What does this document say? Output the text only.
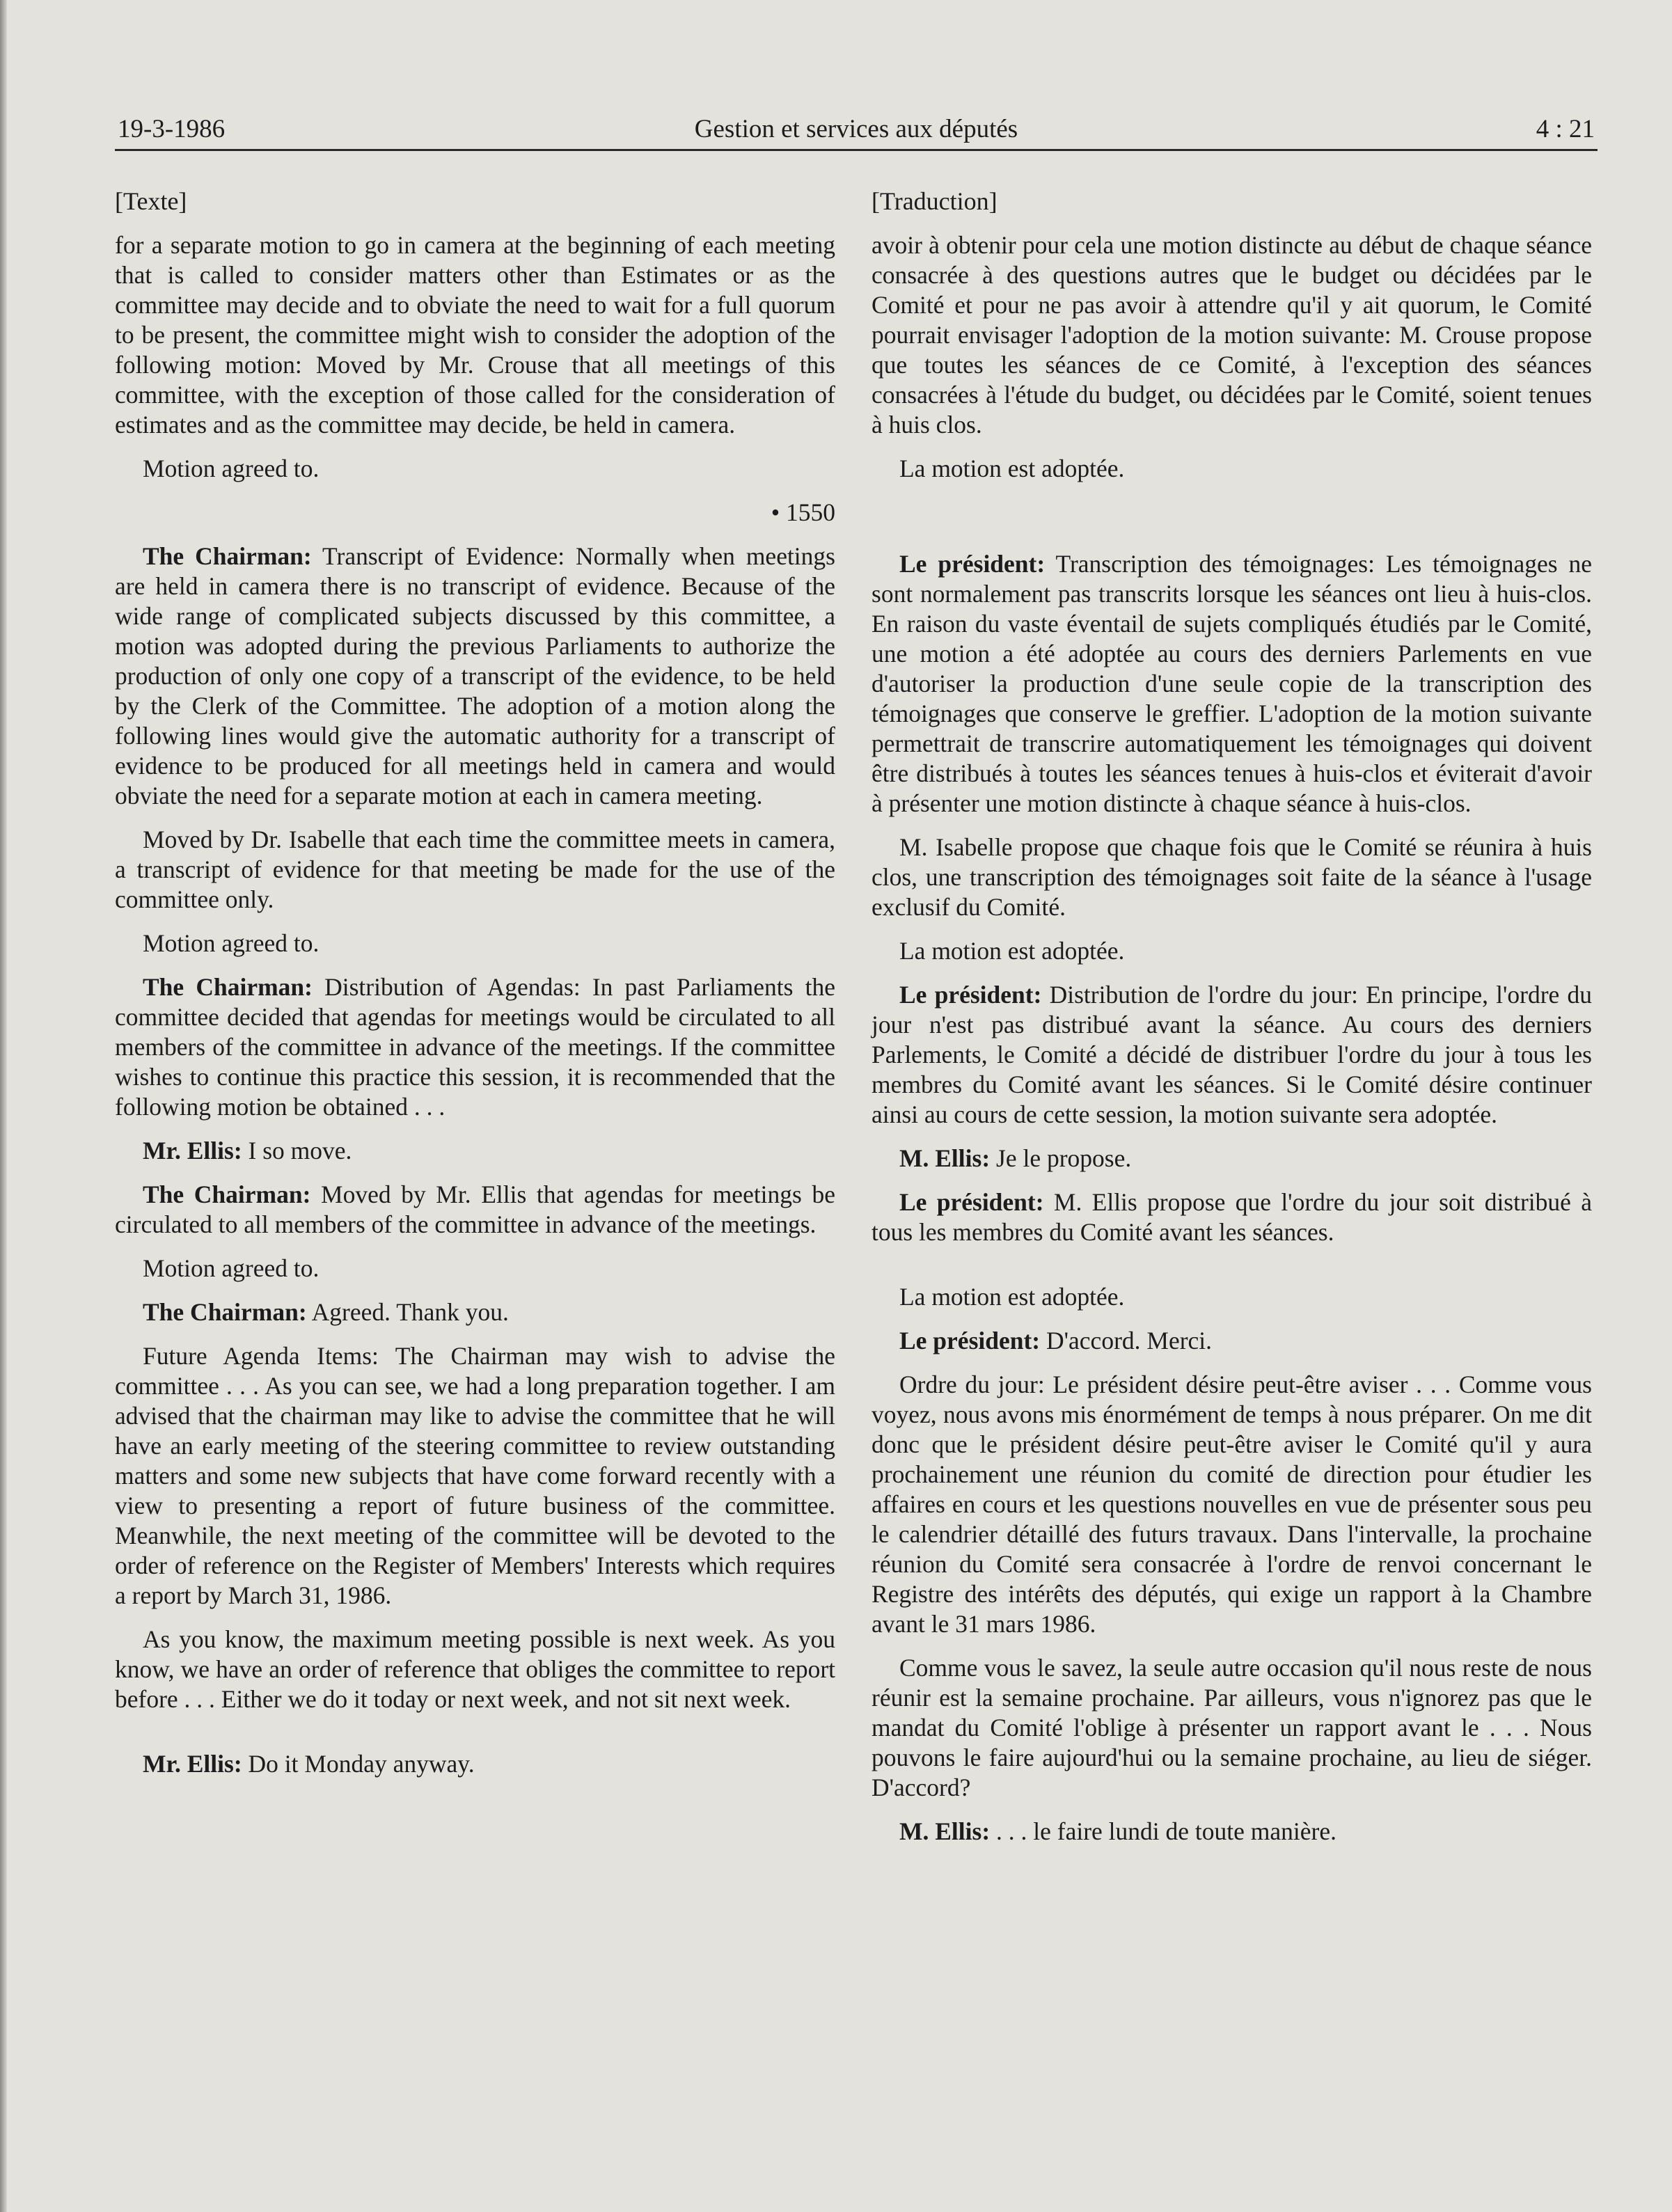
19-3-1986	Gestion et services aux députés	4 : 21

[Texte]

for a separate motion to go in camera at the beginning of each meeting that is called to consider matters other than Estimates or as the committee may decide and to obviate the need to wait for a full quorum to be present, the committee might wish to consider the adoption of the following motion: Moved by Mr. Crouse that all meetings of this committee, with the exception of those called for the consideration of estimates and as the committee may decide, be held in camera.

Motion agreed to.

• 1550

The Chairman: Transcript of Evidence: Normally when meetings are held in camera there is no transcript of evidence. Because of the wide range of complicated subjects discussed by this committee, a motion was adopted during the previous Parliaments to authorize the production of only one copy of a transcript of the evidence, to be held by the Clerk of the Committee. The adoption of a motion along the following lines would give the automatic authority for a transcript of evidence to be produced for all meetings held in camera and would obviate the need for a separate motion at each in camera meeting.

Moved by Dr. Isabelle that each time the committee meets in camera, a transcript of evidence for that meeting be made for the use of the committee only.

Motion agreed to.

The Chairman: Distribution of Agendas: In past Parliaments the committee decided that agendas for meetings would be circulated to all members of the committee in advance of the meetings. If the committee wishes to continue this practice this session, it is recommended that the following motion be obtained . . .

Mr. Ellis: I so move.

The Chairman: Moved by Mr. Ellis that agendas for meetings be circulated to all members of the committee in advance of the meetings.

Motion agreed to.

The Chairman: Agreed. Thank you.

Future Agenda Items: The Chairman may wish to advise the committee . . . As you can see, we had a long preparation together. I am advised that the chairman may like to advise the committee that he will have an early meeting of the steering committee to review outstanding matters and some new subjects that have come forward recently with a view to presenting a report of future business of the committee. Meanwhile, the next meeting of the committee will be devoted to the order of reference on the Register of Members' Interests which requires a report by March 31, 1986.

As you know, the maximum meeting possible is next week. As you know, we have an order of reference that obliges the committee to report before . . . Either we do it today or next week, and not sit next week.

Mr. Ellis: Do it Monday anyway.

[Traduction]

avoir à obtenir pour cela une motion distincte au début de chaque séance consacrée à des questions autres que le budget ou décidées par le Comité et pour ne pas avoir à attendre qu'il y ait quorum, le Comité pourrait envisager l'adoption de la motion suivante: M. Crouse propose que toutes les séances de ce Comité, à l'exception des séances consacrées à l'étude du budget, ou décidées par le Comité, soient tenues à huis clos.

La motion est adoptée.

Le président: Transcription des témoignages: Les témoignages ne sont normalement pas transcrits lorsque les séances ont lieu à huis-clos. En raison du vaste éventail de sujets compliqués étudiés par le Comité, une motion a été adoptée au cours des derniers Parlements en vue d'autoriser la production d'une seule copie de la transcription des témoignages que conserve le greffier. L'adoption de la motion suivante permettrait de transcrire automatiquement les témoignages qui doivent être distribués à toutes les séances tenues à huis-clos et éviterait d'avoir à présenter une motion distincte à chaque séance à huis-clos.

M. Isabelle propose que chaque fois que le Comité se réunira à huis clos, une transcription des témoignages soit faite de la séance à l'usage exclusif du Comité.

La motion est adoptée.

Le président: Distribution de l'ordre du jour: En principe, l'ordre du jour n'est pas distribué avant la séance. Au cours des derniers Parlements, le Comité a décidé de distribuer l'ordre du jour à tous les membres du Comité avant les séances. Si le Comité désire continuer ainsi au cours de cette session, la motion suivante sera adoptée.

M. Ellis: Je le propose.

Le président: M. Ellis propose que l'ordre du jour soit distribué à tous les membres du Comité avant les séances.

La motion est adoptée.

Le président: D'accord. Merci.

Ordre du jour: Le président désire peut-être aviser . . . Comme vous voyez, nous avons mis énormément de temps à nous préparer. On me dit donc que le président désire peut-être aviser le Comité qu'il y aura prochainement une réunion du comité de direction pour étudier les affaires en cours et les questions nouvelles en vue de présenter sous peu le calendrier détaillé des futurs travaux. Dans l'intervalle, la prochaine réunion du Comité sera consacrée à l'ordre de renvoi concernant le Registre des intérêts des députés, qui exige un rapport à la Chambre avant le 31 mars 1986.

Comme vous le savez, la seule autre occasion qu'il nous reste de nous réunir est la semaine prochaine. Par ailleurs, vous n'ignorez pas que le mandat du Comité l'oblige à présenter un rapport avant le . . . Nous pouvons le faire aujourd'hui ou la semaine prochaine, au lieu de siéger. D'accord?

M. Ellis: . . . le faire lundi de toute manière.
